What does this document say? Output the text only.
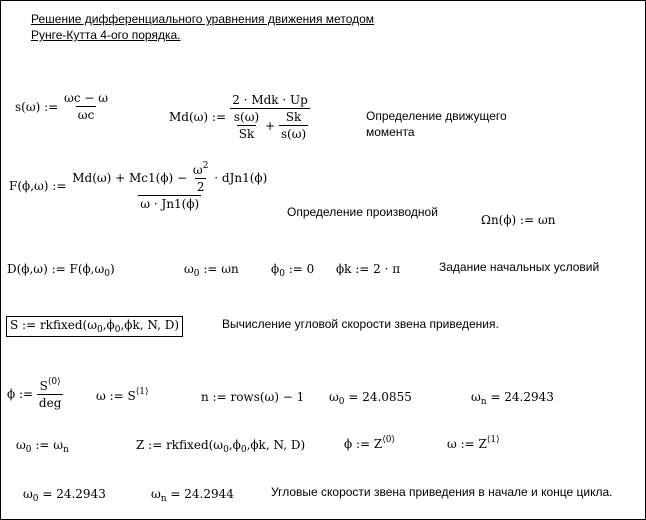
Решение дифференциального уравнения движения методом
Рунге-Кутта 4-ого порядка.
s(ω) :=
$\frac{\omega c - \omega}{\omega c}$	Md(ω) :=

2 · Mdk · Up
$\frac{s(\omega)}{Sk}$
+
$\frac{Sk}{s(\omega)}$	Определение движущего
момента
F(ϕ,ω) :=

Md(ω) + Mc1(ϕ) −
$\frac{\omega^2}{2}$
· dJn1(ϕ)
ω · Jn1(ϕ)
Определение производной
Ωn(ϕ) := ωn
D(ϕ,ω) := $F(\phi,\omega_0)$	$\omega_0$ := ωn	$\phi_0$ := 0 ϕk := 2 · π	Задание начальных условий
S := $rkfixed(\omega_0,\phi_0,\phi k$, N, D)	Вычисление угловой скорости звена приведения.
ϕ :=
$\frac{S^{⟨0⟩}}{\text{deg}}$	ω := $S^{⟨1⟩}$	n := rows(ω) − 1 $\omega_0 = 24.0855$	$\omega_n = 24.2943$
$\omega_0$ := $\omega_n$	Z := $rkfixed(\omega_0,\phi_0,\phi k$, N, D)	ϕ := $Z^{⟨0⟩}$	ω := $Z^{⟨1⟩}$
$\omega_0 = 24.2943$	$\omega_n = 24.2944$	Угловые скорости звена приведения в начале и конце цикла.
